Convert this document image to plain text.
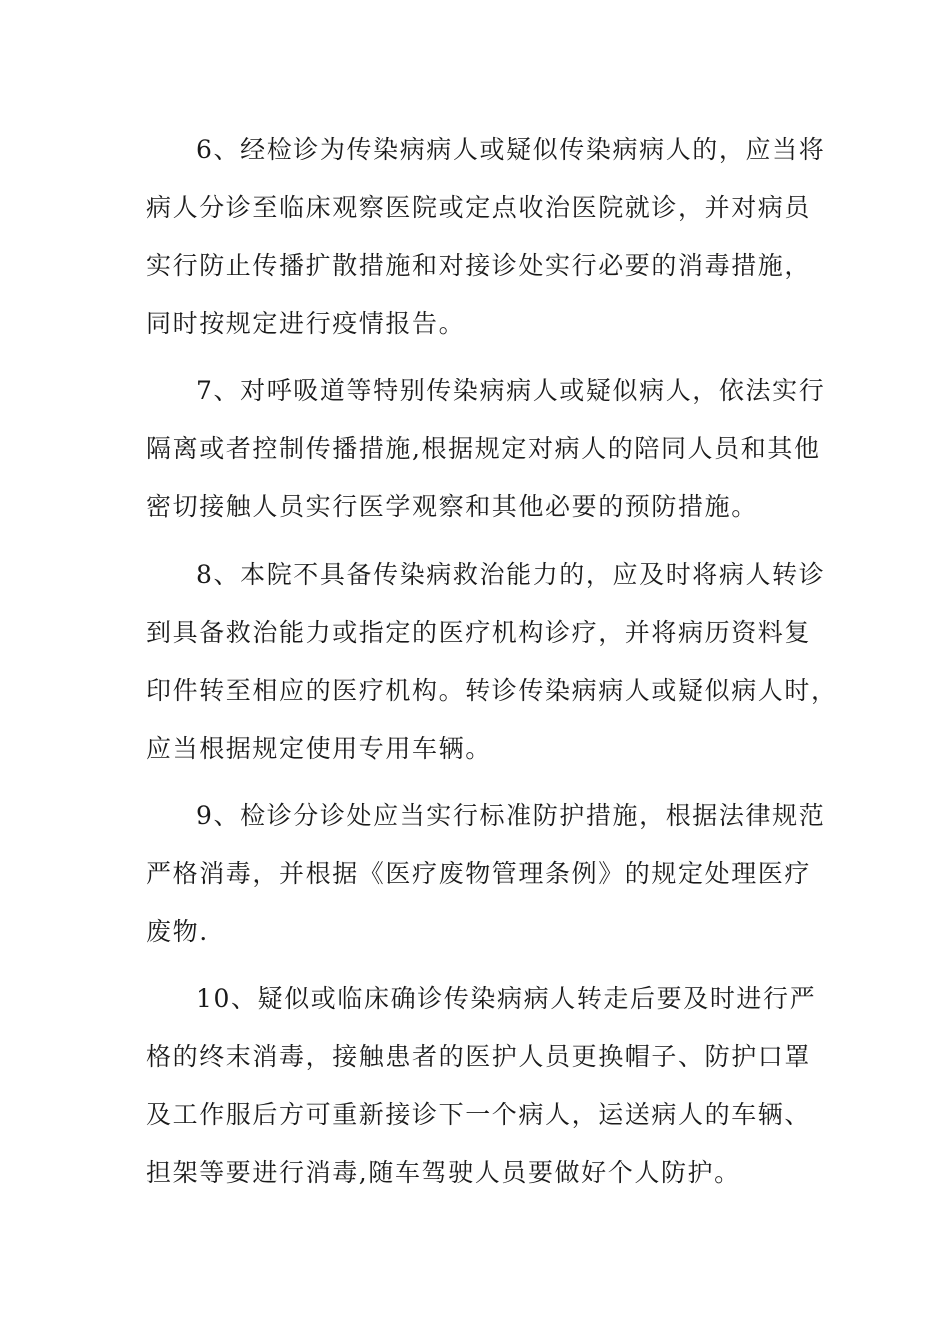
6、经检诊为传染病病人或疑似传染病病人的，应当将
病人分诊至临床观察医院或定点收治医院就诊，并对病员
实行防止传播扩散措施和对接诊处实行必要的消毒措施，
同时按规定进行疫情报告。
7、对呼吸道等特别传染病病人或疑似病人，依法实行
隔离或者控制传播措施,根据规定对病人的陪同人员和其他
密切接触人员实行医学观察和其他必要的预防措施。
8、本院不具备传染病救治能力的，应及时将病人转诊
到具备救治能力或指定的医疗机构诊疗，并将病历资料复
印件转至相应的医疗机构。转诊传染病病人或疑似病人时，
应当根据规定使用专用车辆。
9、检诊分诊处应当实行标准防护措施，根据法律规范
严格消毒，并根据《医疗废物管理条例》的规定处理医疗
废物.
10、疑似或临床确诊传染病病人转走后要及时进行严
格的终末消毒，接触患者的医护人员更换帽子、防护口罩
及工作服后方可重新接诊下一个病人，运送病人的车辆、
担架等要进行消毒,随车驾驶人员要做好个人防护。
